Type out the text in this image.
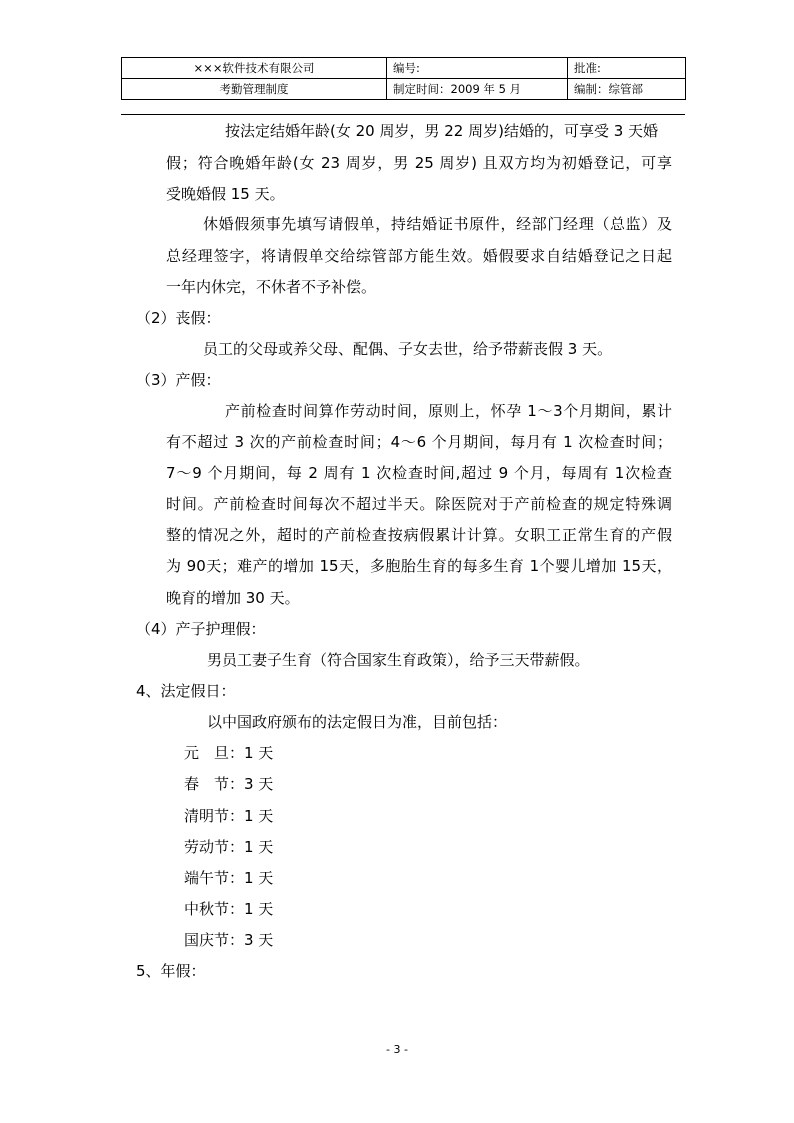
×××软件技术有限公司	编号:	批准:
考勤管理制度	制定时间：2009 年 5 月	编制：综管部
按法定结婚年龄(女 20 周岁，男 22 周岁)结婚的，可享受 3 天婚
假；符合晚婚年龄(女 23 周岁，男 25 周岁) 且双方均为初婚登记，可享
受晚婚假 15 天。
休婚假须事先填写请假单，持结婚证书原件，经部门经理（总监）及
总经理签字，将请假单交给综管部方能生效。婚假要求自结婚登记之日起
一年内休完，不休者不予补偿。
（2）丧假：
员工的父母或养父母、配偶、子女去世，给予带薪丧假 3 天。
（3）产假：
产前检查时间算作劳动时间，原则上，怀孕 1～3个月期间，累计
有不超过 3 次的产前检查时间；4～6 个月期间，每月有 1 次检查时间；
7～9 个月期间，每 2 周有 1 次检查时间,超过 9 个月，每周有 1次检查
时间。产前检查时间每次不超过半天。除医院对于产前检查的规定特殊调
整的情况之外，超时的产前检查按病假累计计算。女职工正常生育的产假
为 90天；难产的增加 15天，多胞胎生育的每多生育 1个婴儿增加 15天，
晚育的增加 30 天。
（4）产子护理假：
男员工妻子生育（符合国家生育政策），给予三天带薪假。
4、法定假日：
以中国政府颁布的法定假日为准，目前包括：
元　旦：1 天
春　节：3 天
清明节：1 天
劳动节：1 天
端午节：1 天
中秋节：1 天
国庆节：3 天
5、年假：
- 3 -
